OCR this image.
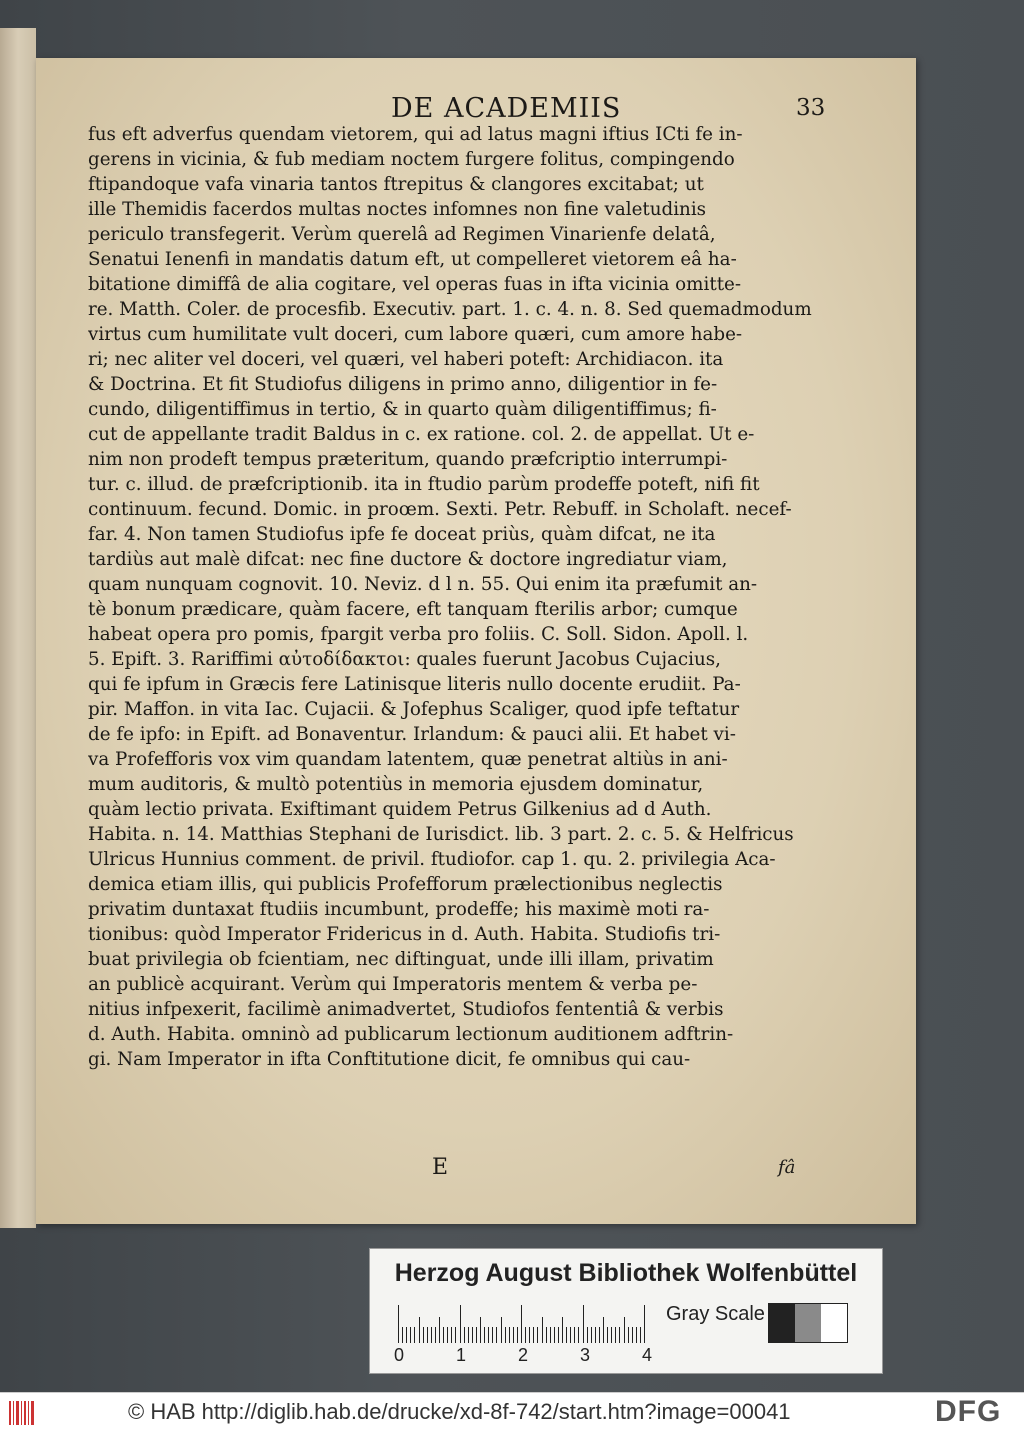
DE ACADEMIIS	33
fus eft adverfus quendam vietorem, qui ad latus magni iftius ICti fe in-
gerens in vicinia, & fub mediam noctem furgere folitus, compingendo
ftipandoque vafa vinaria tantos ftrepitus & clangores excitabat; ut
ille Themidis facerdos multas noctes infomnes non fine valetudinis
periculo transfegerit. Verùm querelâ ad Regimen Vinarienfe delatâ,
Senatui Ienenfi in mandatis datum eft, ut compelleret vietorem eâ ha-
bitatione dimiffâ de alia cogitare, vel operas fuas in ifta vicinia omitte-
re. Matth. Coler. de procesfib. Executiv. part. 1. c. 4. n. 8. Sed quemadmodum
virtus cum humilitate vult doceri, cum labore quæri, cum amore habe-
ri; nec aliter vel doceri, vel quæri, vel haberi poteft: Archidiacon. ita
& Doctrina. Et fit Studiofus diligens in primo anno, diligentior in fe-
cundo, diligentiffimus in tertio, & in quarto quàm diligentiffimus; fi-
cut de appellante tradit Baldus in c. ex ratione. col. 2. de appellat. Ut e-
nim non prodeft tempus præteritum, quando præfcriptio interrumpi-
tur. c. illud. de præfcriptionib. ita in ftudio parùm prodeffe poteft, nifi fit
continuum. fecund. Domic. in proœm. Sexti. Petr. Rebuff. in Scholaft. necef-
far. 4. Non tamen Studiofus ipfe fe doceat priùs, quàm difcat, ne ita
tardiùs aut malè difcat: nec fine ductore & doctore ingrediatur viam,
quam nunquam cognovit. 10. Neviz. d l n. 55. Qui enim ita præfumit an-
tè bonum prædicare, quàm facere, eft tanquam fterilis arbor; cumque
habeat opera pro pomis, fpargit verba pro foliis. C. Soll. Sidon. Apoll. l.
5. Epift. 3. Rariffimi αὐτοδίδακτοι: quales fuerunt Jacobus Cujacius,
qui fe ipfum in Græcis fere Latinisque literis nullo docente erudiit. Pa-
pir. Maffon. in vita Iac. Cujacii. & Jofephus Scaliger, quod ipfe teftatur
de fe ipfo: in Epift. ad Bonaventur. Irlandum: & pauci alii. Et habet vi-
va Profefforis vox vim quandam latentem, quæ penetrat altiùs in ani-
mum auditoris, & multò potentiùs in memoria ejusdem dominatur,
quàm lectio privata. Exiftimant quidem Petrus Gilkenius ad d Auth.
Habita. n. 14. Matthias Stephani de Iurisdict. lib. 3 part. 2. c. 5. & Helfricus
Ulricus Hunnius comment. de privil. ftudiofor. cap 1. qu. 2. privilegia Aca-
demica etiam illis, qui publicis Profefforum prælectionibus neglectis
privatim duntaxat ftudiis incumbunt, prodeffe; his maximè moti ra-
tionibus: quòd Imperator Fridericus in d. Auth. Habita. Studiofis tri-
buat privilegia ob fcientiam, nec diftinguat, unde illi illam, privatim
an publicè acquirant. Verùm qui Imperatoris mentem & verba pe-
nitius infpexerit, facilimè animadvertet, Studiofos fententiâ & verbis
d. Auth. Habita. omninò ad publicarum lectionum auditionem adftrin-
gi. Nam Imperator in ifta Conftitutione dicit, fe omnibus qui cau-
E	fâ
Herzog August Bibliothek Wolfenbüttel
0	1	2	3	4
Gray Scale
© HAB http://diglib.hab.de/drucke/xd-8f-742/start.htm?image=00041	DFG
